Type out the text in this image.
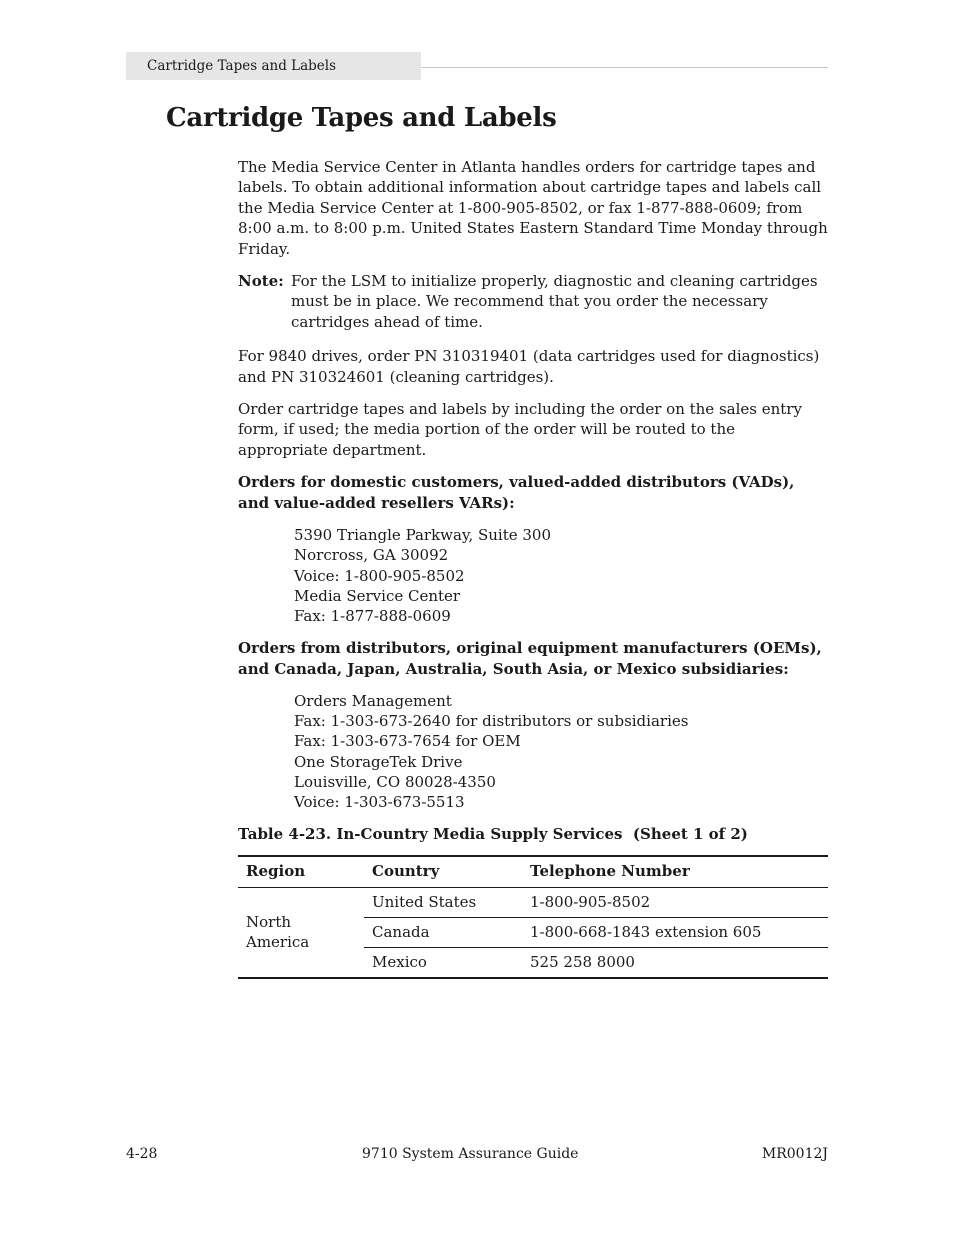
Cartridge Tapes and Labels
Cartridge Tapes and Labels

The Media Service Center in Atlanta handles orders for cartridge tapes and labels. To obtain additional information about cartridge tapes and labels call the Media Service Center at 1-800-905-8502, or fax 1-877-888-0609; from 8:00 a.m. to 8:00 p.m. United States Eastern Standard Time Monday through Friday.

Note: For the LSM to initialize properly, diagnostic and cleaning cartridges must be in place. We recommend that you order the necessary cartridges ahead of time.

For 9840 drives, order PN 310319401 (data cartridges used for diagnostics) and PN 310324601 (cleaning cartridges).

Order cartridge tapes and labels by including the order on the sales entry form, if used; the media portion of the order will be routed to the appropriate department.

Orders for domestic customers, valued-added distributors (VADs), and value-added resellers VARs):
5390 Triangle Parkway, Suite 300
Norcross, GA 30092
Voice: 1-800-905-8502
Media Service Center
Fax: 1-877-888-0609
Orders from distributors, original equipment manufacturers (OEMs), and Canada, Japan, Australia, South Asia, or Mexico subsidiaries:
Orders Management
Fax: 1-303-673-2640 for distributors or subsidiaries
Fax: 1-303-673-7654 for OEM
One StorageTek Drive
Louisville, CO 80028-4350
Voice: 1-303-673-5513
Table 4-23. In-Country Media Supply Services  (Sheet 1 of 2)
Region	Country	Telephone Number
North America	United States	1-800-905-8502
	Canada	1-800-668-1843 extension 605
	Mexico	525 258 8000
4-28	9710 System Assurance Guide	MR0012J
